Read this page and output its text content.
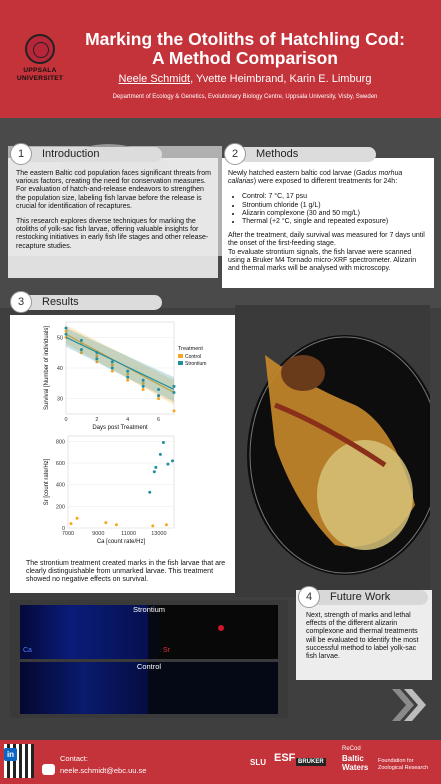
UPPSALA
UNIVERSITET
Marking the Otoliths of Hatchling Cod:
A Method Comparison
Neele Schmidt, Yvette Heimbrand, Karin E. Limburg
Department of Ecology & Genetics, Evolutionary Biology Centre, Uppsala University, Visby, Sweden

The eastern Baltic cod population faces significant threats from various factors, creating the need for conservation measures. For evaluation of hatch-and-release endeavors to strengthen the population size, labeling fish larvae before the release is crucial for identification of recaptures.

This research explores diverse techniques for marking the otoliths of yolk-sac fish larvae, offering valuable insights for restocking initiatives in early fish life stages and other release-recapture studies.

1	Introduction

Newly hatched eastern baltic cod larvae (Gadus morhua callarias) were exposed to different treatments for 24h:

• Control: 7 °C, 17 psu
• Strontium chloride (1 g/L)
• Alizarin complexone (30 and 50 mg/L)
• Thermal (+2 °C, single and repeated exposure)

After the treatment, daily survival was measured for 7 days until the onset of the first-feeding stage.

To evaluate strontium signals, the fish larvae were scanned using a Bruker M4 Tornado micro-XRF spectrometer. Alizarin and thermal marks will be analysed with microscopy.

2	Methods
3	Results
30
40
50
0	2	4	6
Days post Treatment
Survival [Number of individuals]	Treatment
Control
Strontium
0
200
400
600
800
7000	9000	11000	13000
Ca [count rate/Hz]
Sr [count rate/Hz]
The strontium treatment created marks in the fish larvae that are clearly distinguishable from unmarked larvae. This treatment showed no negative effects on survival.
Strontium
Ca	Sr
Control
Next, strength of marks and lethal effects of the different alizarin complexone and thermal treatments will be evaluated to identify the most successful method to label yolk-sac fish larvae.
4	Future Work
in	Contact:
neele.schmidt@ebc.uu.se
SLU ESF BRUKER
ReCod
Baltic
Waters
Foundation for
Zoological Research
